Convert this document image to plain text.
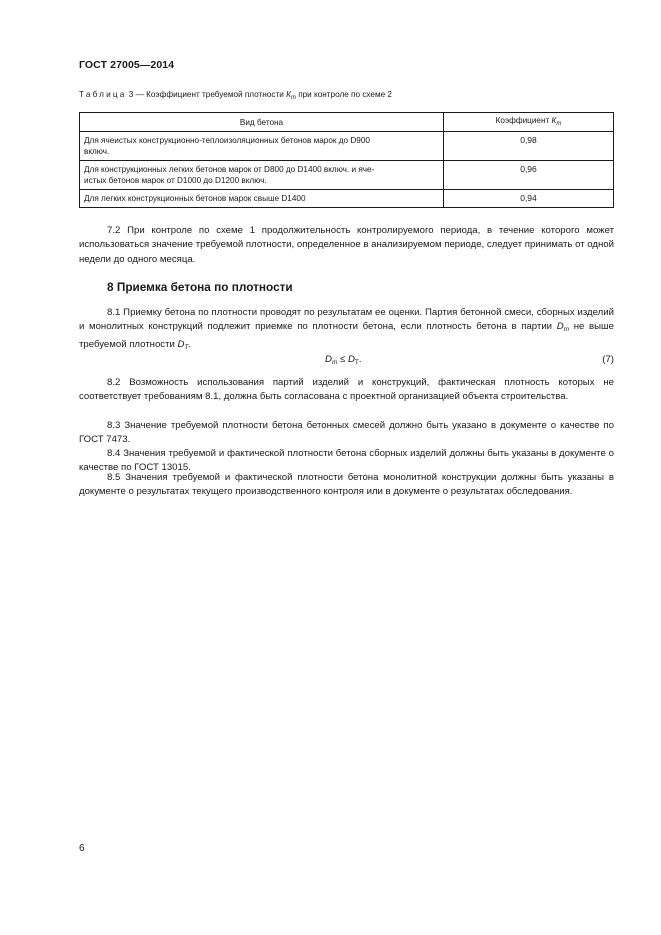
ГОСТ 27005—2014
Таблица 3 — Коэффициент требуемой плотности $К_т$ при контроле по схеме 2
Вид бетона	Коэффициент $К_т$
Для ячеистых конструкционно-теплоизоляционных бетонов марок до D900
включ.	0,98
Для конструкционных легких бетонов марок от D800 до D1400 включ. и яче-
истых бетонов марок от D1000 до D1200 включ.	0,96
Для легких конструкционных бетонов марок свыше D1400	0,94

7.2 При контроле по схеме 1 продолжительность контролируемого периода, в течение которого может использоваться значение требуемой плотности, определенное в анализируемом периоде, следует принимать от одной недели до одного месяца.

8 Приемка бетона по плотности

8.1 Приемку бетона по плотности проводят по результатам ее оценки. Партия бетонной смеси, сборных изделий и монолитных конструкций подлежит приемке по плотности бетона, если плотность бетона в партии $D_m$ не выше требуемой плотности $D_T$.

$D_m \le D_T$.	(7)

8.2 Возможность использования партий изделий и конструкций, фактическая плотность которых не соответствует требованиям 8.1, должна быть согласована с проектной организацией объекта строительства.

8.3 Значение требуемой плотности бетона бетонных смесей должно быть указано в документе о качестве по ГОСТ 7473.

8.4 Значения требуемой и фактической плотности бетона сборных изделий должны быть указаны в документе о качестве по ГОСТ 13015.

8.5 Значения требуемой и фактической плотности бетона монолитной конструкции должны быть указаны в документе о результатах текущего производственного контроля или в документе о результатах обследования.

6
